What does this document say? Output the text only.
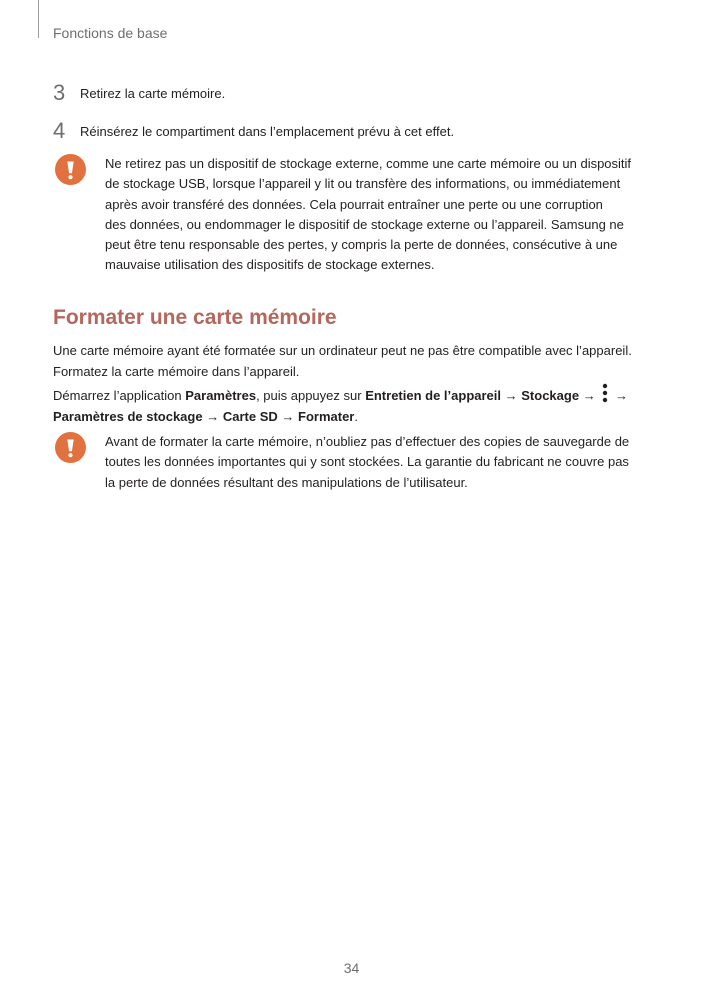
Fonctions de base
3 Retirez la carte mémoire.
4 Réinsérez le compartiment dans l’emplacement prévu à cet effet.
Ne retirez pas un dispositif de stockage externe, comme une carte mémoire ou un dispositif
de stockage USB, lorsque l’appareil y lit ou transfère des informations, ou immédiatement
après avoir transféré des données. Cela pourrait entraîner une perte ou une corruption
des données, ou endommager le dispositif de stockage externe ou l’appareil. Samsung ne
peut être tenu responsable des pertes, y compris la perte de données, consécutive à une
mauvaise utilisation des dispositifs de stockage externes.
Formater une carte mémoire
Une carte mémoire ayant été formatée sur un ordinateur peut ne pas être compatible avec l’appareil.
Formatez la carte mémoire dans l’appareil.
Démarrez l’application Paramètres, puis appuyez sur Entretien de l’appareil → Stockage → →
Paramètres de stockage → Carte SD → Formater.
Avant de formater la carte mémoire, n’oubliez pas d’effectuer des copies de sauvegarde de
toutes les données importantes qui y sont stockées. La garantie du fabricant ne couvre pas
la perte de données résultant des manipulations de l’utilisateur.
34
